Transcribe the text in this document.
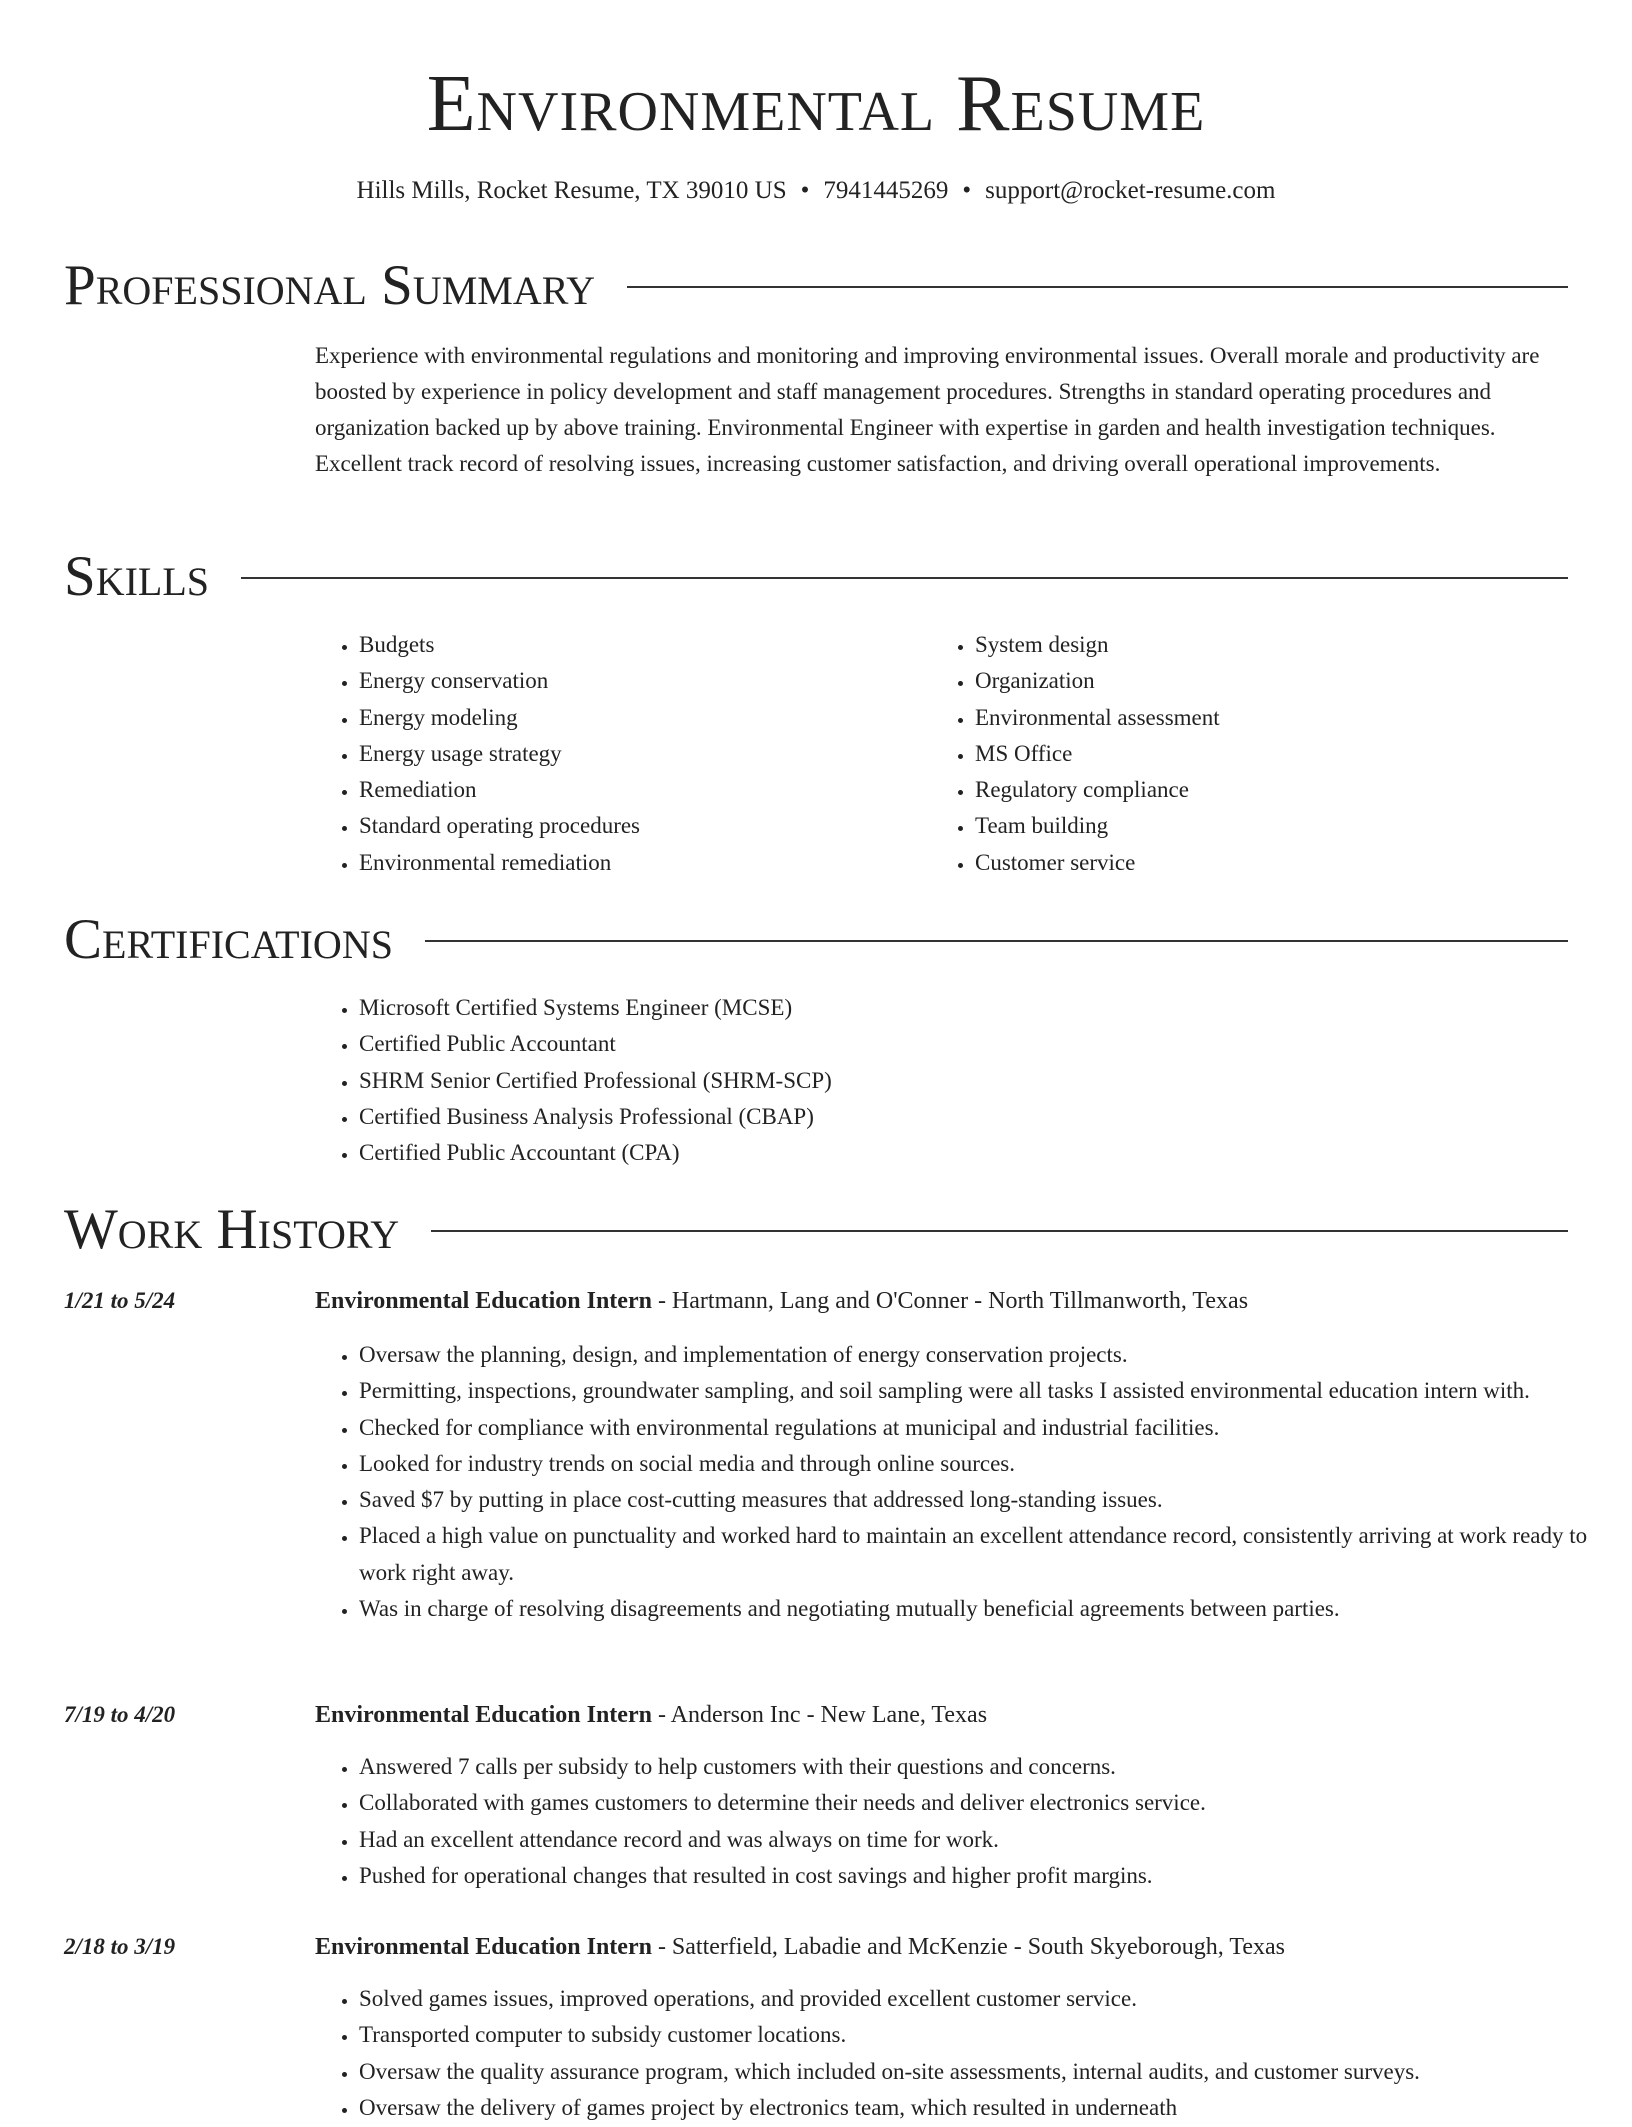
Environmental Resume
Hills Mills, Rocket Resume, TX 39010 US • 7941445269 • support@rocket-resume.com
Professional Summary

Experience with environmental regulations and monitoring and improving environmental issues. Overall morale and productivity are boosted by experience in policy development and staff management procedures. Strengths in standard operating procedures and organization backed up by above training. Environmental Engineer with expertise in garden and health investigation techniques. Excellent track record of resolving issues, increasing customer satisfaction, and driving overall operational improvements.

Skills
• Budgets
• Energy conservation
• Energy modeling
• Energy usage strategy
• Remediation
• Standard operating procedures
• Environmental remediation
• System design
• Organization
• Environmental assessment
• MS Office
• Regulatory compliance
• Team building
• Customer service
Certifications
• Microsoft Certified Systems Engineer (MCSE)
• Certified Public Accountant
• SHRM Senior Certified Professional (SHRM-SCP)
• Certified Business Analysis Professional (CBAP)
• Certified Public Accountant (CPA)
Work History
1/21 to 5/24	Environmental Education Intern - Hartmann, Lang and O'Conner - North Tillmanworth, Texas
• Oversaw the planning, design, and implementation of energy conservation projects.
• Permitting, inspections, groundwater sampling, and soil sampling were all tasks I assisted environmental education intern with.
• Checked for compliance with environmental regulations at municipal and industrial facilities.
• Looked for industry trends on social media and through online sources.
• Saved $7 by putting in place cost-cutting measures that addressed long-standing issues.
• Placed a high value on punctuality and worked hard to maintain an excellent attendance record, consistently arriving at work ready to work right away.
• Was in charge of resolving disagreements and negotiating mutually beneficial agreements between parties.
7/19 to 4/20	Environmental Education Intern - Anderson Inc - New Lane, Texas
• Answered 7 calls per subsidy to help customers with their questions and concerns.
• Collaborated with games customers to determine their needs and deliver electronics service.
• Had an excellent attendance record and was always on time for work.
• Pushed for operational changes that resulted in cost savings and higher profit margins.
2/18 to 3/19	Environmental Education Intern - Satterfield, Labadie and McKenzie - South Skyeborough, Texas
• Solved games issues, improved operations, and provided excellent customer service.
• Transported computer to subsidy customer locations.
• Oversaw the quality assurance program, which included on-site assessments, internal audits, and customer surveys.
• Oversaw the delivery of games project by electronics team, which resulted in underneath
